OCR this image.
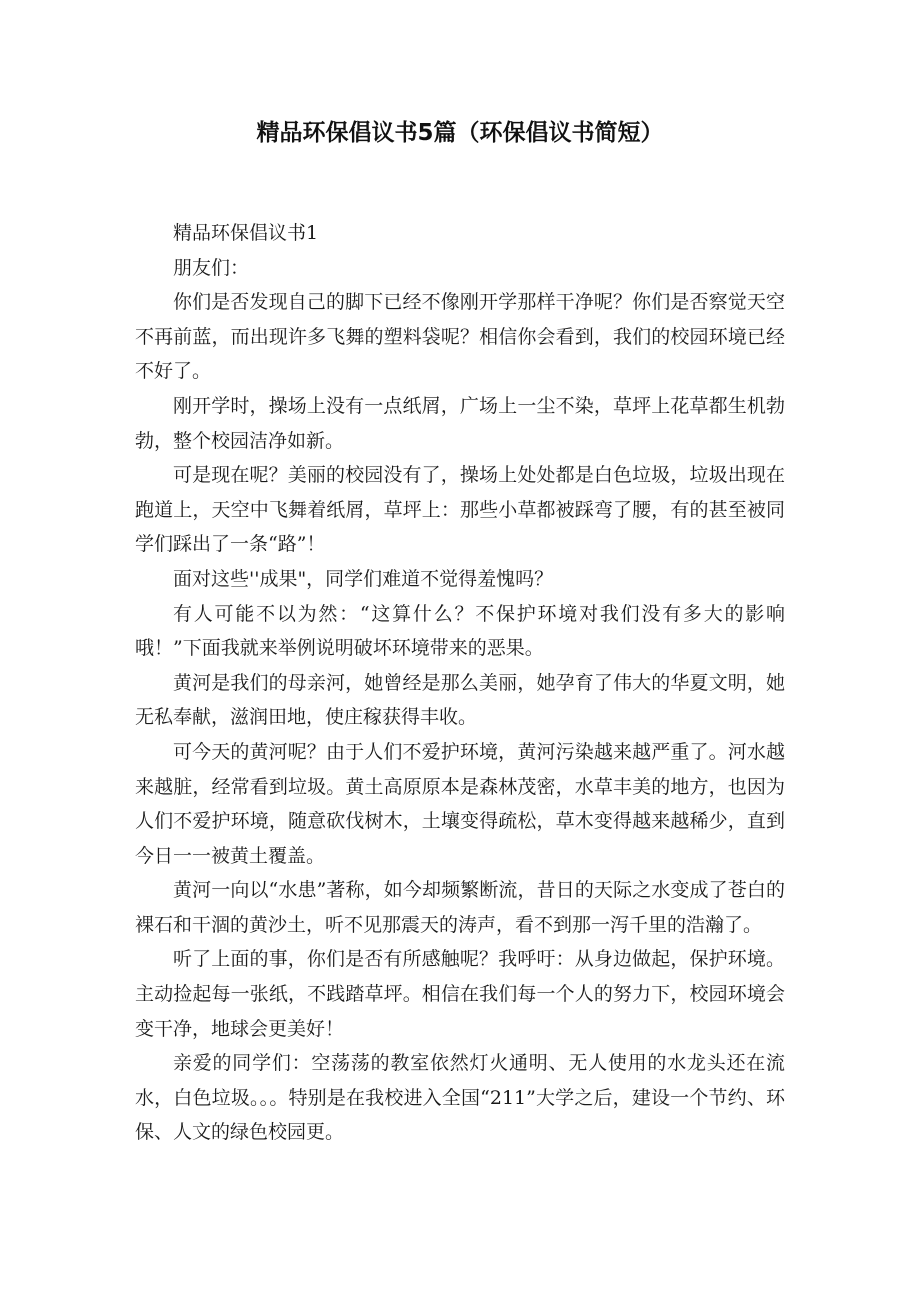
精品环保倡议书5篇（环保倡议书简短）

精品环保倡议书1

朋友们：

你们是否发现自己的脚下已经不像刚开学那样干净呢？你们是否察觉天空不再前蓝，而出现许多飞舞的塑料袋呢？相信你会看到，我们的校园环境已经不好了。

刚开学时，操场上没有一点纸屑，广场上一尘不染，草坪上花草都生机勃勃，整个校园洁净如新。

可是现在呢？美丽的校园没有了，操场上处处都是白色垃圾，垃圾出现在跑道上，天空中飞舞着纸屑，草坪上：那些小草都被踩弯了腰，有的甚至被同学们踩出了一条“路”！

面对这些''成果"，同学们难道不觉得羞愧吗？

有人可能不以为然：“这算什么？不保护环境对我们没有多大的影响哦！”下面我就来举例说明破坏环境带来的恶果。

黄河是我们的母亲河，她曾经是那么美丽，她孕育了伟大的华夏文明，她无私奉献，滋润田地，使庄稼获得丰收。

可今天的黄河呢？由于人们不爱护环境，黄河污染越来越严重了。河水越来越脏，经常看到垃圾。黄土高原原本是森林茂密，水草丰美的地方，也因为人们不爱护环境，随意砍伐树木，土壤变得疏松，草木变得越来越稀少，直到今日一一被黄土覆盖。

黄河一向以“水患”著称，如今却频繁断流，昔日的天际之水变成了苍白的裸石和干涸的黄沙土，听不见那震天的涛声，看不到那一泻千里的浩瀚了。

听了上面的事，你们是否有所感触呢？我呼吁：从身边做起，保护环境。主动捡起每一张纸，不践踏草坪。相信在我们每一个人的努力下，校园环境会变干净，地球会更美好！

亲爱的同学们：空荡荡的教室依然灯火通明、无人使用的水龙头还在流水，白色垃圾。。。特别是在我校进入全国“211”大学之后，建设一个节约、环保、人文的绿色校园更。
